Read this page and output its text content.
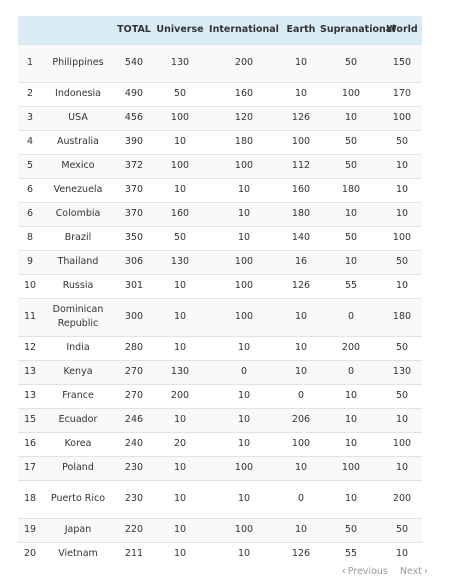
		TOTAL	Universe	International	Earth	Supranational	World
1	Philippines	540	130	200	10	50	150
2	Indonesia	490	50	160	10	100	170
3	USA	456	100	120	126	10	100
4	Australia	390	10	180	100	50	50
5	Mexico	372	100	100	112	50	10
6	Venezuela	370	10	10	160	180	10
6	Colombia	370	160	10	180	10	10
8	Brazil	350	50	10	140	50	100
9	Thailand	306	130	100	16	10	50
10	Russia	301	10	100	126	55	10
11	Dominican Republic	300	10	100	10	0	180
12	India	280	10	10	10	200	50
13	Kenya	270	130	0	10	0	130
13	France	270	200	10	0	10	50
15	Ecuador	246	10	10	206	10	10
16	Korea	240	20	10	100	10	100
17	Poland	230	10	100	10	100	10
18	Puerto Rico	230	10	10	0	10	200
19	Japan	220	10	100	10	50	50
20	Vietnam	211	10	10	126	55	10
‹ Previous Next ›
